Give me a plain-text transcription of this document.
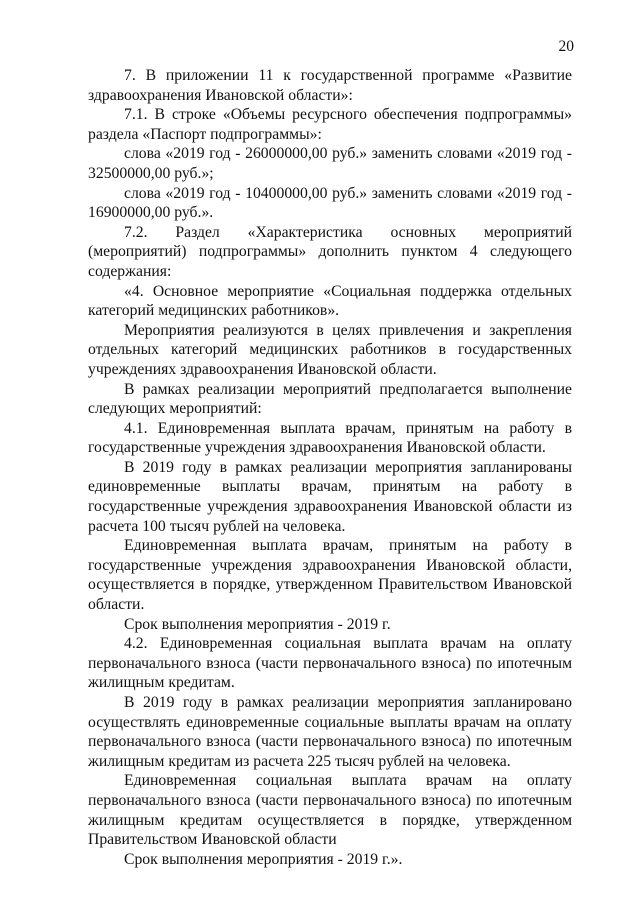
20

7. В приложении 11 к государственной программе «Развитие здравоохранения Ивановской области»:

7.1. В строке «Объемы ресурсного обеспечения подпрограммы» раздела «Паспорт подпрограммы»:

слова «2019 год - 26000000,00 руб.» заменить словами «2019 год - 32500000,00 руб.»;

слова «2019 год - 10400000,00 руб.» заменить словами «2019 год - 16900000,00 руб.».

7.2. Раздел «Характеристика основных мероприятий (мероприятий) подпрограммы» дополнить пунктом 4 следующего содержания:

«4. Основное мероприятие «Социальная поддержка отдельных категорий медицинских работников».

Мероприятия реализуются в целях привлечения и закрепления отдельных категорий медицинских работников в государственных учреждениях здравоохранения Ивановской области.

В рамках реализации мероприятий предполагается выполнение следующих мероприятий:

4.1. Единовременная выплата врачам, принятым на работу в государственные учреждения здравоохранения Ивановской области.

В 2019 году в рамках реализации мероприятия запланированы единовременные выплаты врачам, принятым на работу в государственные учреждения здравоохранения Ивановской области из расчета 100 тысяч рублей на человека.

Единовременная выплата врачам, принятым на работу в государственные учреждения здравоохранения Ивановской области, осуществляется в порядке, утвержденном Правительством Ивановской области.

Срок выполнения мероприятия - 2019 г.

4.2. Единовременная социальная выплата врачам на оплату первоначального взноса (части первоначального взноса) по ипотечным жилищным кредитам.

В 2019 году в рамках реализации мероприятия запланировано осуществлять единовременные социальные выплаты врачам на оплату первоначального взноса (части первоначального взноса) по ипотечным жилищным кредитам из расчета 225 тысяч рублей на человека.

Единовременная социальная выплата врачам на оплату первоначального взноса (части первоначального взноса) по ипотечным жилищным кредитам осуществляется в порядке, утвержденном Правительством Ивановской области

Срок выполнения мероприятия - 2019 г.».
